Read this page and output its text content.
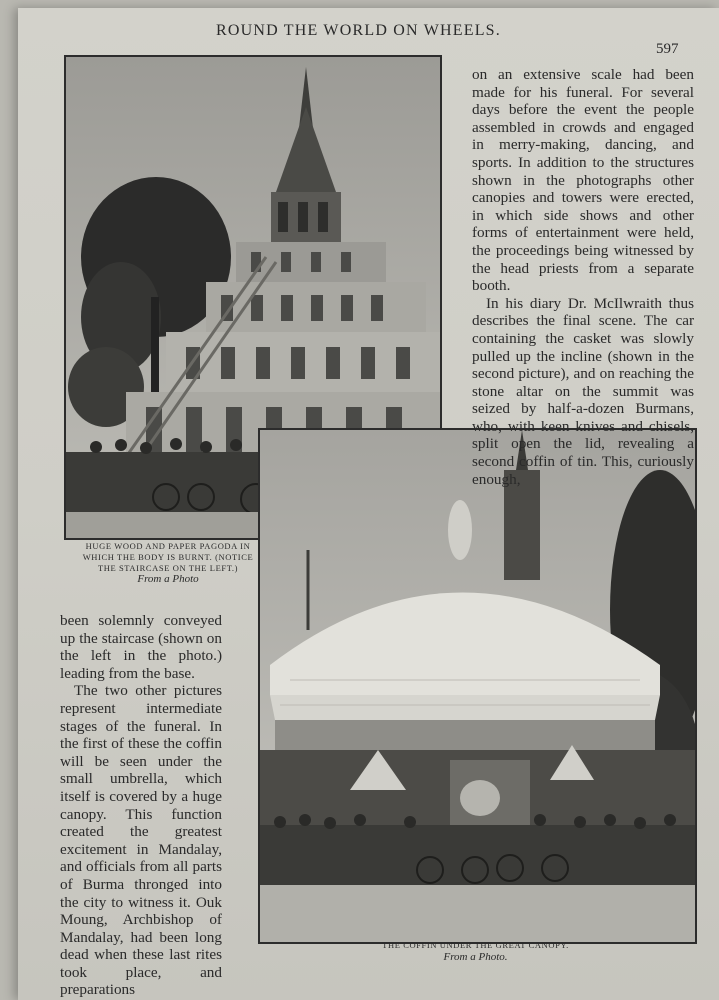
ROUND THE WORLD ON WHEELS.
597
HUGE WOOD AND PAPER PAGODA IN
WHICH THE BODY IS BURNT. (NOTICE
THE STAIRCASE ON THE LEFT.)
From a Photo
THE COFFIN UNDER THE GREAT CANOPY.
From a Photo.

on an extensive scale had been made for his funeral. For several days before the event the people assembled in crowds and engaged in merry-making, dancing, and sports. In addition to the structures shown in the photographs other canopies and towers were erected, in which side shows and other forms of entertainment were held, the proceedings being witnessed by the head priests from a separate booth.

In his diary Dr. McIlwraith thus describes the final scene. The car containing the casket was slowly pulled up the incline (shown in the second picture), and on reaching the stone altar on the summit was seized by half-a-dozen Burmans, who, with keen knives and chisels, split open the lid, revealing a second coffin of tin. This, curiously enough,

been solemnly conveyed up the staircase (shown on the left in the photo.) leading from the base.

The two other pictures represent intermediate stages of the funeral. In the first of these the coffin will be seen under the small umbrella, which itself is covered by a huge canopy. This function created the greatest excitement in Mandalay, and officials from all parts of Burma thronged into the city to witness it. Ouk Moung, Archbishop of Mandalay, had been long dead when these last rites took place, and preparations
